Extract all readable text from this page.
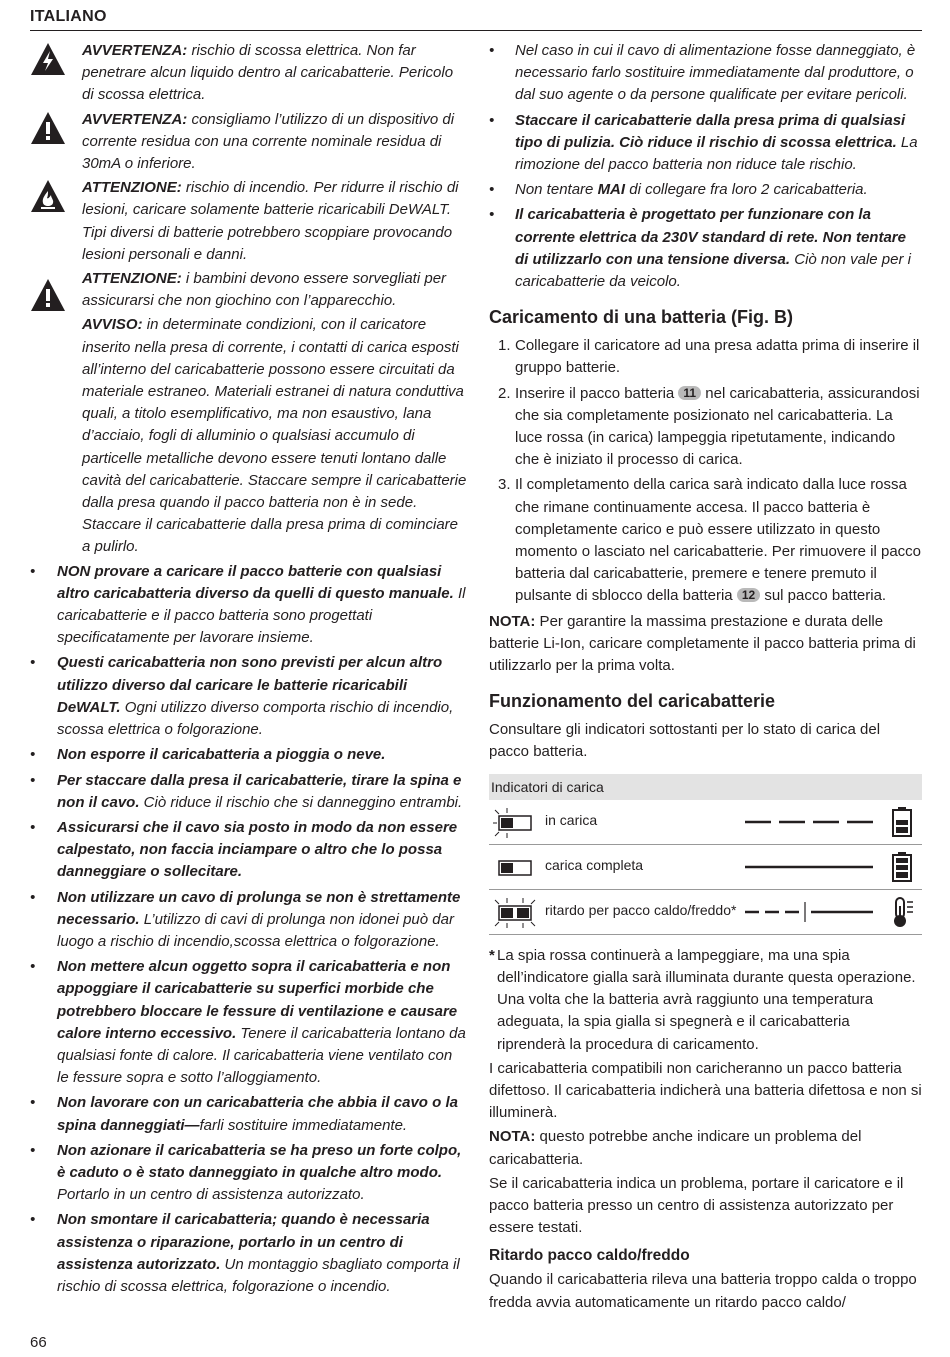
ITALIANO
AVVERTENZA: rischio di scossa elettrica. Non far penetrare alcun liquido dentro al caricabatterie. Pericolo di scossa elettrica.
AVVERTENZA: consigliamo l’utilizzo di un dispositivo di corrente residua con una corrente nominale residua di 30mA o inferiore.
ATTENZIONE: rischio di incendio. Per ridurre il rischio di lesioni, caricare solamente batterie ricaricabili DeWALT. Tipi diversi di batterie potrebbero scoppiare provocando lesioni personali e danni.
ATTENZIONE: i bambini devono essere sorvegliati per assicurarsi che non giochino con l’apparecchio.
AVVISO: in determinate condizioni, con il caricatore inserito nella presa di corrente, i contatti di carica esposti all’interno del caricabatterie possono essere circuitati da materiale estraneo. Materiali estranei di natura conduttiva quali, a titolo esemplificativo, ma non esaustivo, lana d’acciaio, fogli di alluminio o qualsiasi accumulo di particelle metalliche devono essere tenuti lontano dalle cavità del caricabatterie. Staccare sempre il caricabatterie dalla presa quando il pacco batteria non è in sede. Staccare il caricabatterie dalla presa prima di cominciare a pulirlo.
• NON provare a caricare il pacco batterie con qualsiasi altro caricabatteria diverso da quelli di questo manuale. Il caricabatterie e il pacco batteria sono progettati specificatamente per lavorare insieme.
• Questi caricabatteria non sono previsti per alcun altro utilizzo diverso dal caricare le batterie ricaricabili DeWALT. Ogni utilizzo diverso comporta rischio di incendio, scossa elettrica o folgorazione.
• Non esporre il caricabatteria a pioggia o neve.
• Per staccare dalla presa il caricabatterie, tirare la spina e non il cavo. Ciò riduce il rischio che si danneggino entrambi.
• Assicurarsi che il cavo sia posto in modo da non essere calpestato, non faccia inciampare o altro che lo possa danneggiare o sollecitare.
• Non utilizzare un cavo di prolunga se non è strettamente necessario. L’utilizzo di cavi di prolunga non idonei può dar luogo a rischio di incendio,scossa elettrica o folgorazione.
• Non mettere alcun oggetto sopra il caricabatteria e non appoggiare il caricabatterie su superfici morbide che potrebbero bloccare le fessure di ventilazione e causare calore interno eccessivo. Tenere il caricabatteria lontano da qualsiasi fonte di calore. Il caricabatteria viene ventilato con le fessure sopra e sotto l’alloggiamento.
• Non lavorare con un caricabatteria che abbia il cavo o la spina danneggiati—farli sostituire immediatamente.
• Non azionare il caricabatteria se ha preso un forte colpo, è caduto o è stato danneggiato in qualche altro modo. Portarlo in un centro di assistenza autorizzato.
• Non smontare il caricabatteria; quando è necessaria assistenza o riparazione, portarlo in un centro di assistenza autorizzato. Un montaggio sbagliato comporta il rischio di scossa elettrica, folgorazione o incendio.
• Nel caso in cui il cavo di alimentazione fosse danneggiato, è necessario farlo sostituire immediatamente dal produttore, o dal suo agente o da persone qualificate per evitare pericoli.
• Staccare il caricabatterie dalla presa prima di qualsiasi tipo di pulizia. Ciò riduce il rischio di scossa elettrica. La rimozione del pacco batteria non riduce tale rischio.
• Non tentare MAI di collegare fra loro 2 caricabatteria.
• Il caricabatteria è progettato per funzionare con la corrente elettrica da 230V standard di rete. Non tentare di utilizzarlo con una tensione diversa. Ciò non vale per i caricabatterie da veicolo.
Caricamento di una batteria (Fig. B)
1. Collegare il caricatore ad una presa adatta prima di inserire il gruppo batterie.
2. Inserire il pacco batteria 11 nel caricabatteria, assicurandosi che sia completamente posizionato nel caricabatteria. La luce rossa (in carica) lampeggia ripetutamente, indicando che è iniziato il processo di carica.
3. Il completamento della carica sarà indicato dalla luce rossa che rimane continuamente accesa. Il pacco batteria è completamente carico e può essere utilizzato in questo momento o lasciato nel caricabatterie. Per rimuovere il pacco batteria dal caricabatterie, premere e tenere premuto il pulsante di sblocco della batteria 12 sul pacco batteria.
NOTA: Per garantire la massima prestazione e durata delle batterie Li-Ion, caricare completamente il pacco batteria prima di utilizzarlo per la prima volta.
Funzionamento del caricabatterie
Consultare gli indicatori sottostanti per lo stato di carica del pacco batteria.
Indicatori di carica
in carica
carica completa
ritardo per pacco caldo/freddo*
* La spia rossa continuerà a lampeggiare, ma una spia dell’indicatore gialla sarà illuminata durante questa operazione. Una volta che la batteria avrà raggiunto una temperatura adeguata, la spia gialla si spegnerà e il caricabatteria riprenderà la procedura di caricamento.
I caricabatteria compatibili non caricheranno un pacco batteria difettoso. Il caricabatteria indicherà una batteria difettosa e non si illuminerà.
NOTA: questo potrebbe anche indicare un problema del caricabatteria.
Se il caricabatteria indica un problema, portare il caricatore e il pacco batteria presso un centro di assistenza autorizzato per essere testati.
Ritardo pacco caldo/freddo
Quando il caricabatteria rileva una batteria troppo calda o troppo fredda avvia automaticamente un ritardo pacco caldo/
66
